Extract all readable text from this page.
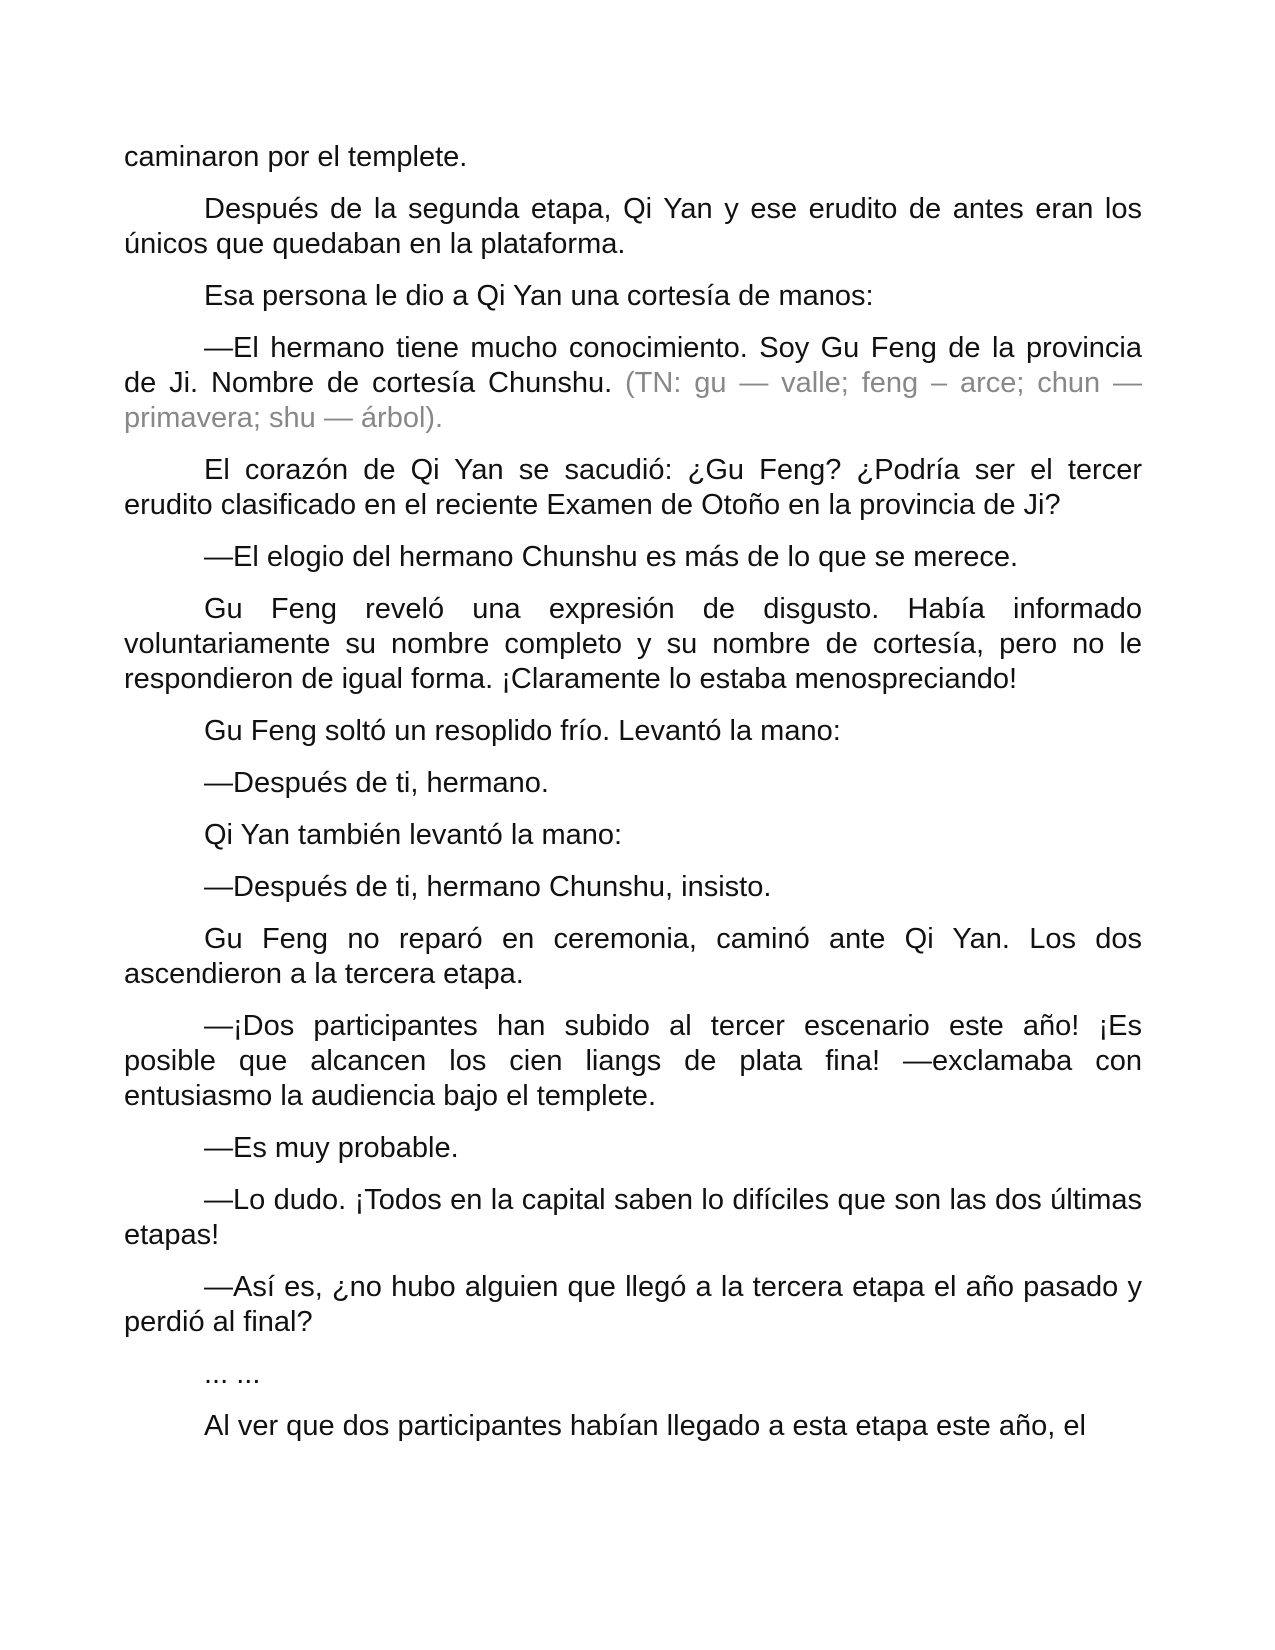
caminaron por el templete.

Después de la segunda etapa, Qi Yan y ese erudito de antes eran los únicos que quedaban en la plataforma.

Esa persona le dio a Qi Yan una cortesía de manos:

—El hermano tiene mucho conocimiento. Soy Gu Feng de la provincia de Ji. Nombre de cortesía Chunshu. (TN: gu — valle; feng – arce; chun — primavera; shu — árbol).

El corazón de Qi Yan se sacudió: ¿Gu Feng? ¿Podría ser el tercer erudito clasificado en el reciente Examen de Otoño en la provincia de Ji?

—El elogio del hermano Chunshu es más de lo que se merece.

Gu Feng reveló una expresión de disgusto. Había informado voluntariamente su nombre completo y su nombre de cortesía, pero no le respondieron de igual forma. ¡Claramente lo estaba menospreciando!

Gu Feng soltó un resoplido frío. Levantó la mano:

—Después de ti, hermano.

Qi Yan también levantó la mano:

—Después de ti, hermano Chunshu, insisto.

Gu Feng no reparó en ceremonia, caminó ante Qi Yan. Los dos ascendieron a la tercera etapa.

—¡Dos participantes han subido al tercer escenario este año! ¡Es posible que alcancen los cien liangs de plata fina! —exclamaba con entusiasmo la audiencia bajo el templete.

—Es muy probable.

—Lo dudo. ¡Todos en la capital saben lo difíciles que son las dos últimas etapas!

—Así es, ¿no hubo alguien que llegó a la tercera etapa el año pasado y perdió al final?

... ...

Al ver que dos participantes habían llegado a esta etapa este año, el
